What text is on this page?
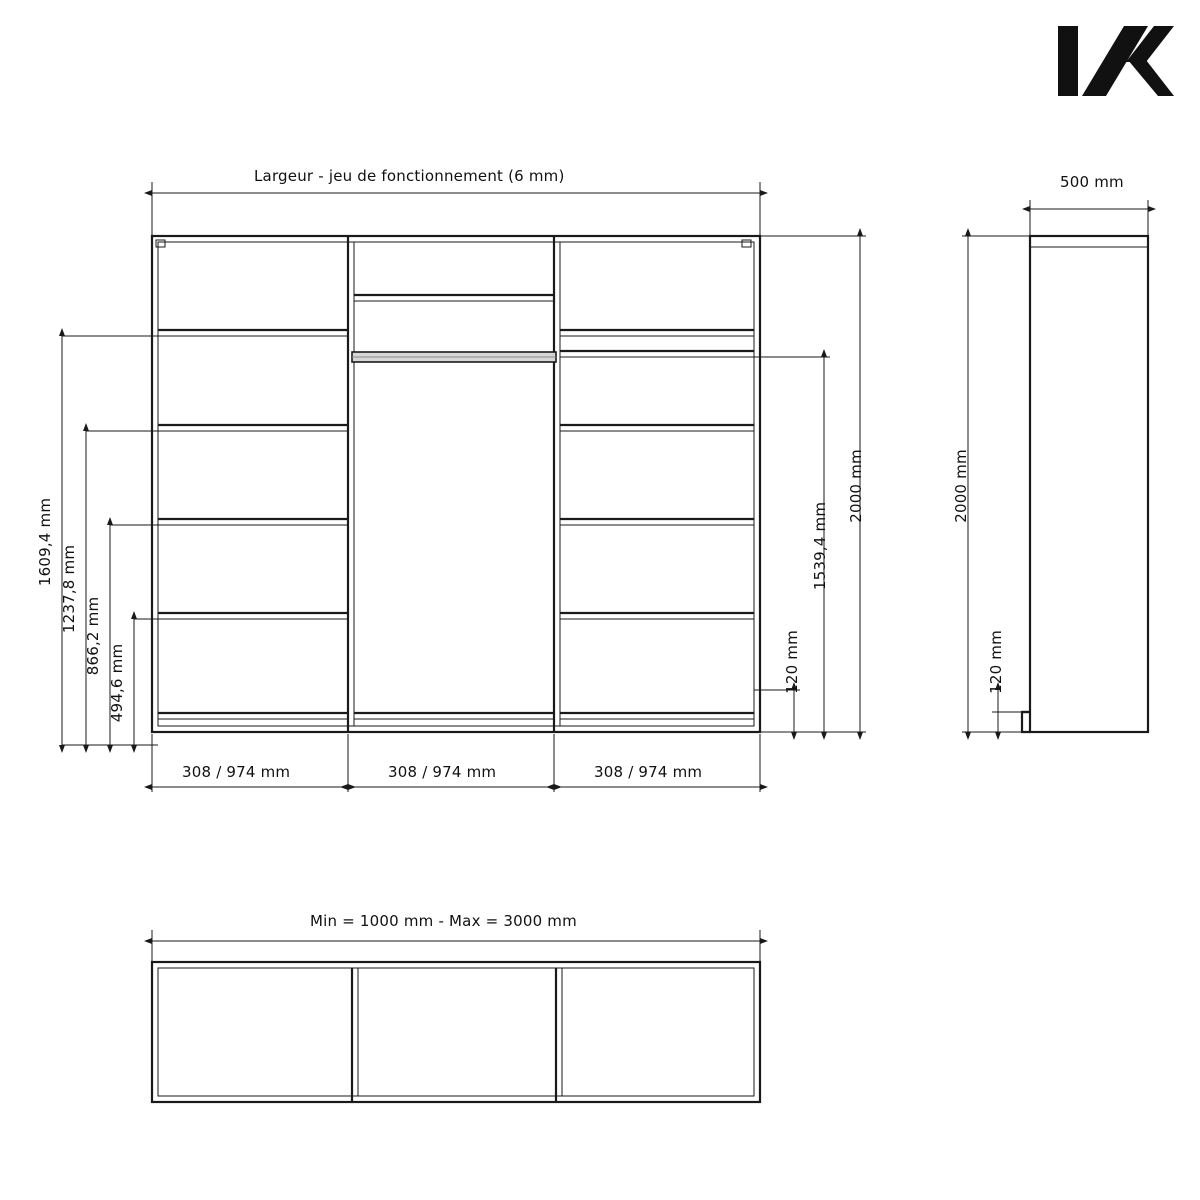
Largeur - jeu de fonctionnement (6 mm)
1609,4 mm
1237,8 mm
866,2 mm
494,6 mm
2000 mm
1539,4 mm
120 mm
308 / 974 mm	308 / 974 mm	308 / 974 mm
500 mm
2000 mm
120 mm
Min = 1000 mm - Max = 3000 mm
